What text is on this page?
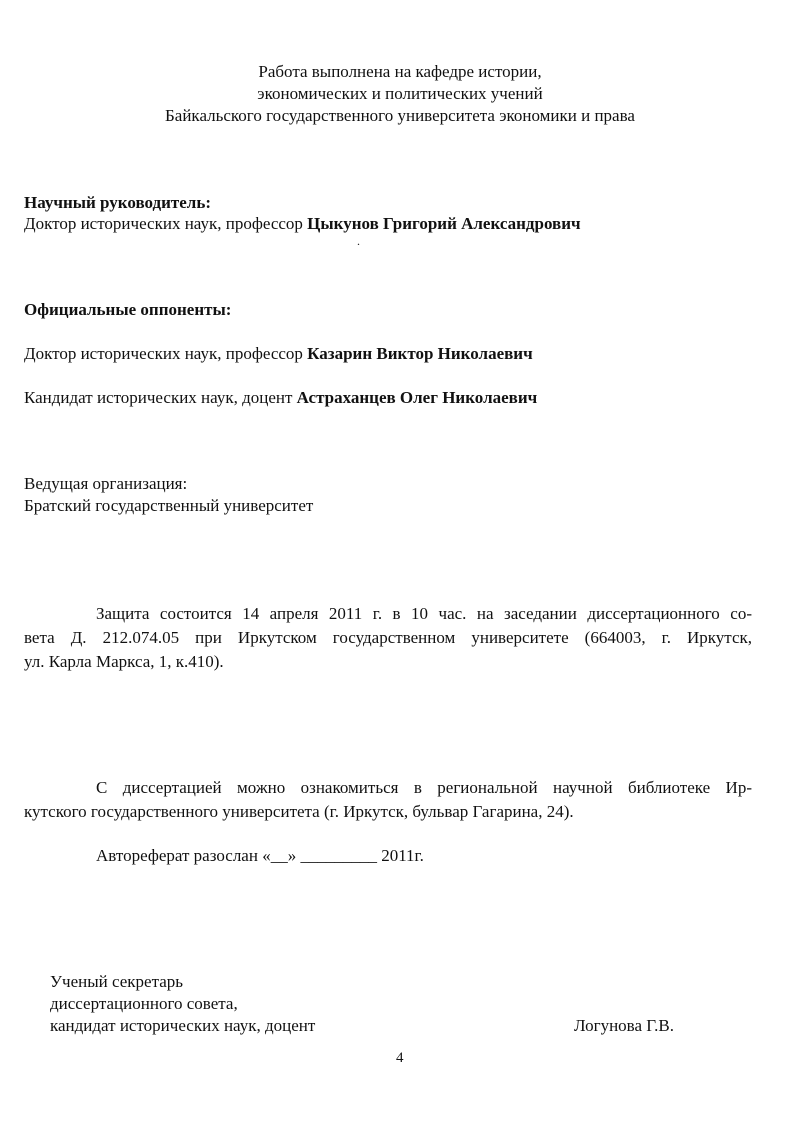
Работа выполнена на кафедре истории,
экономических и политических учений
Байкальского государственного университета экономики и права
Научный руководитель:
Доктор исторических наук, профессор Цыкунов Григорий Александрович
.
Официальные оппоненты:
Доктор исторических наук, профессор Казарин Виктор Николаевич
Кандидат исторических наук, доцент Астраханцев Олег Николаевич
Ведущая организация:
Братский государственный университет
Защита состоится 14 апреля 2011 г. в 10 час. на заседании диссертационного со-
вета Д. 212.074.05 при Иркутском государственном университете (664003, г. Иркутск,
ул. Карла Маркса, 1, к.410).
С диссертацией можно ознакомиться в региональной научной библиотеке Ир-
кутского государственного университета (г. Иркутск, бульвар Гагарина, 24).
Автореферат разослан «__» _________ 2011г.
Ученый секретарь
диссертационного совета,
кандидат исторических наук, доцент	Логунова Г.В.
4
